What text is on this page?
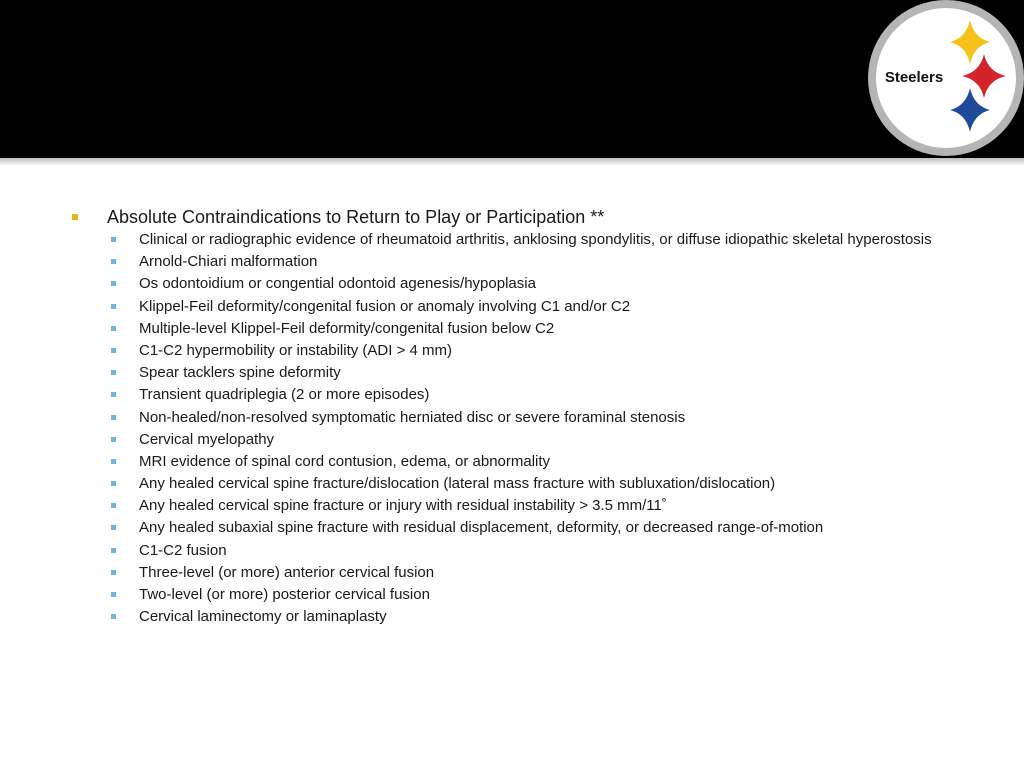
Steelers
Absolute Contraindications to Return to Play or Participation **
Clinical or radiographic evidence of rheumatoid arthritis, anklosing spondylitis, or diffuse idiopathic skeletal hyperostosis
Arnold-Chiari malformation
Os odontoidium or congential odontoid agenesis/hypoplasia
Klippel-Feil deformity/congenital fusion or anomaly involving C1 and/or C2
Multiple-level Klippel-Feil deformity/congenital fusion below C2
C1-C2 hypermobility or instability (ADI > 4 mm)
Spear tacklers spine deformity
Transient quadriplegia (2 or more episodes)
Non-healed/non-resolved symptomatic herniated disc or severe foraminal stenosis
Cervical myelopathy
MRI evidence of spinal cord contusion, edema, or abnormality
Any healed cervical spine fracture/dislocation (lateral mass fracture with subluxation/dislocation)
Any healed cervical spine fracture or injury with residual instability > 3.5 mm/11˚
Any healed subaxial spine fracture with residual displacement, deformity, or decreased range-of-motion
C1-C2 fusion
Three-level (or more) anterior cervical fusion
Two-level (or more) posterior cervical fusion
Cervical laminectomy or laminaplasty
